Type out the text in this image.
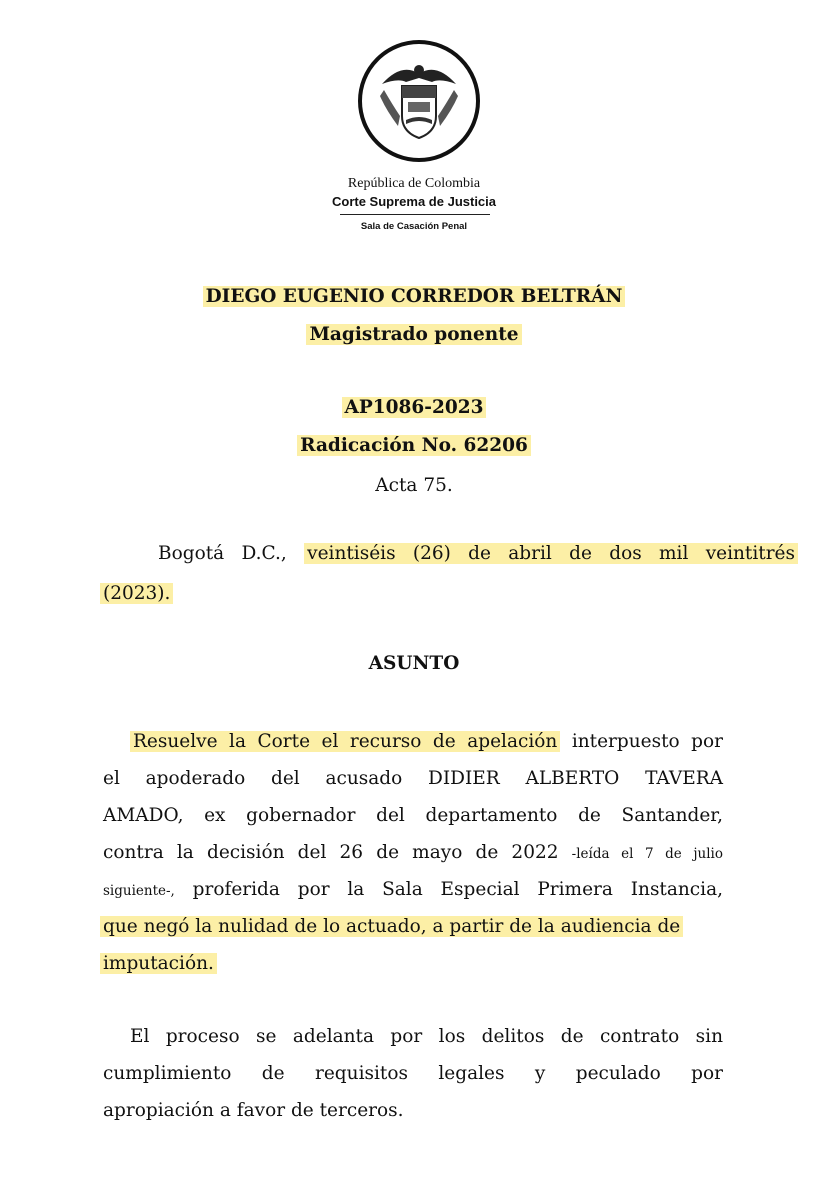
República de Colombia
Corte Suprema de Justicia
Sala de Casación Penal
DIEGO EUGENIO CORREDOR BELTRÁN
Magistrado ponente
AP1086-2023
Radicación No. 62206
Acta 75.
Bogotá D.C., veintiséis (26) de abril de dos mil veintitrés
(2023).
ASUNTO
Resuelve la Corte el recurso de apelación interpuesto por
el apoderado del acusado DIDIER ALBERTO TAVERA
AMADO, ex gobernador del departamento de Santander,
contra la decisión del 26 de mayo de 2022 -leída el 7 de julio
siguiente-, proferida por la Sala Especial Primera Instancia,
que negó la nulidad de lo actuado, a partir de la audiencia de
imputación.
El proceso se adelanta por los delitos de contrato sin
cumplimiento de requisitos legales y peculado por
apropiación a favor de terceros.
